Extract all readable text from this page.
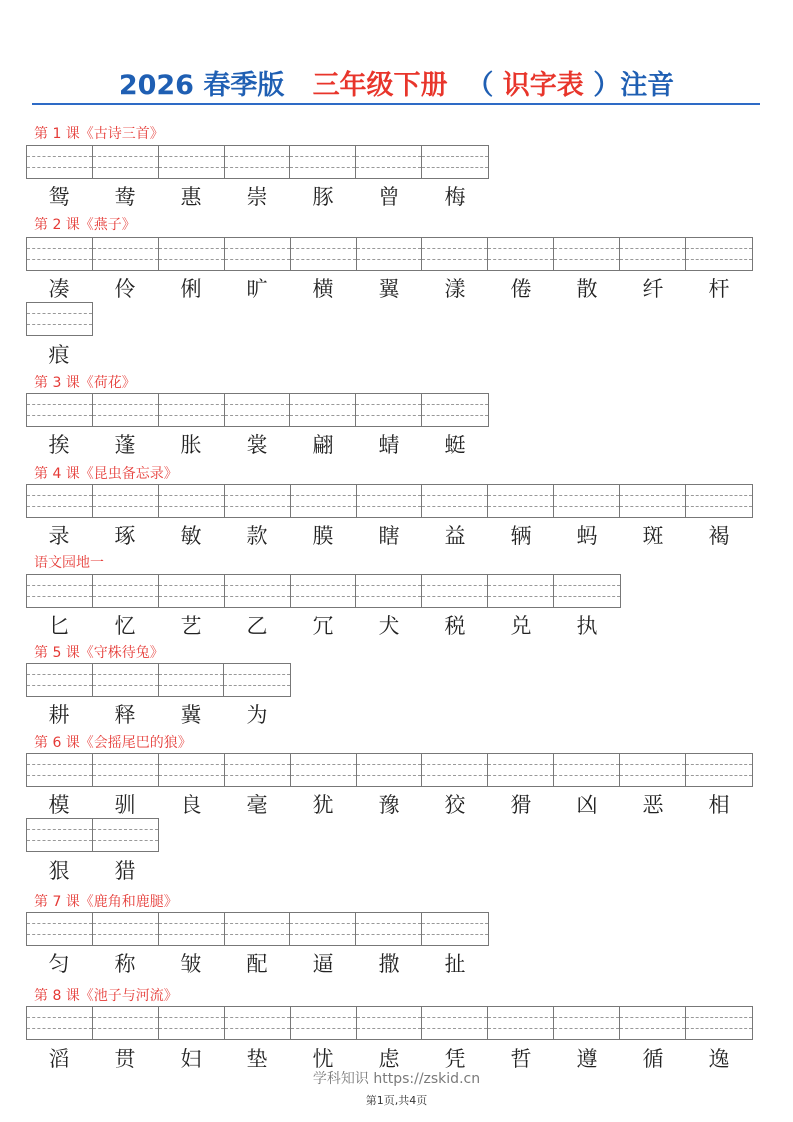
2026 春季版 三年级下册 （ 识字表 ）注音
学科知识 https://zskid.cn
第1页,共4页
第 1 课《古诗三首》
鸳	鸯	惠	崇	豚	曾	梅
第 2 课《燕子》
凑	伶	俐	旷	横	翼	漾	倦	散	纤	杆
痕
第 3 课《荷花》
挨	蓬	胀	裳	翩	蜻	蜓
第 4 课《昆虫备忘录》
录	琢	敏	款	膜	瞎	益	辆	蚂	斑	褐
语文园地一
匕	忆	艺	乙	冗	犬	税	兑	执
第 5 课《守株待兔》
耕	释	冀	为
第 6 课《会摇尾巴的狼》
模	驯	良	毫	犹	豫	狡	猾	凶	恶	相
狠	猎
第 7 课《鹿角和鹿腿》
匀	称	皱	配	逼	撒	扯
第 8 课《池子与河流》
滔	贯	妇	垫	忧	虑	凭	哲	遵	循	逸
